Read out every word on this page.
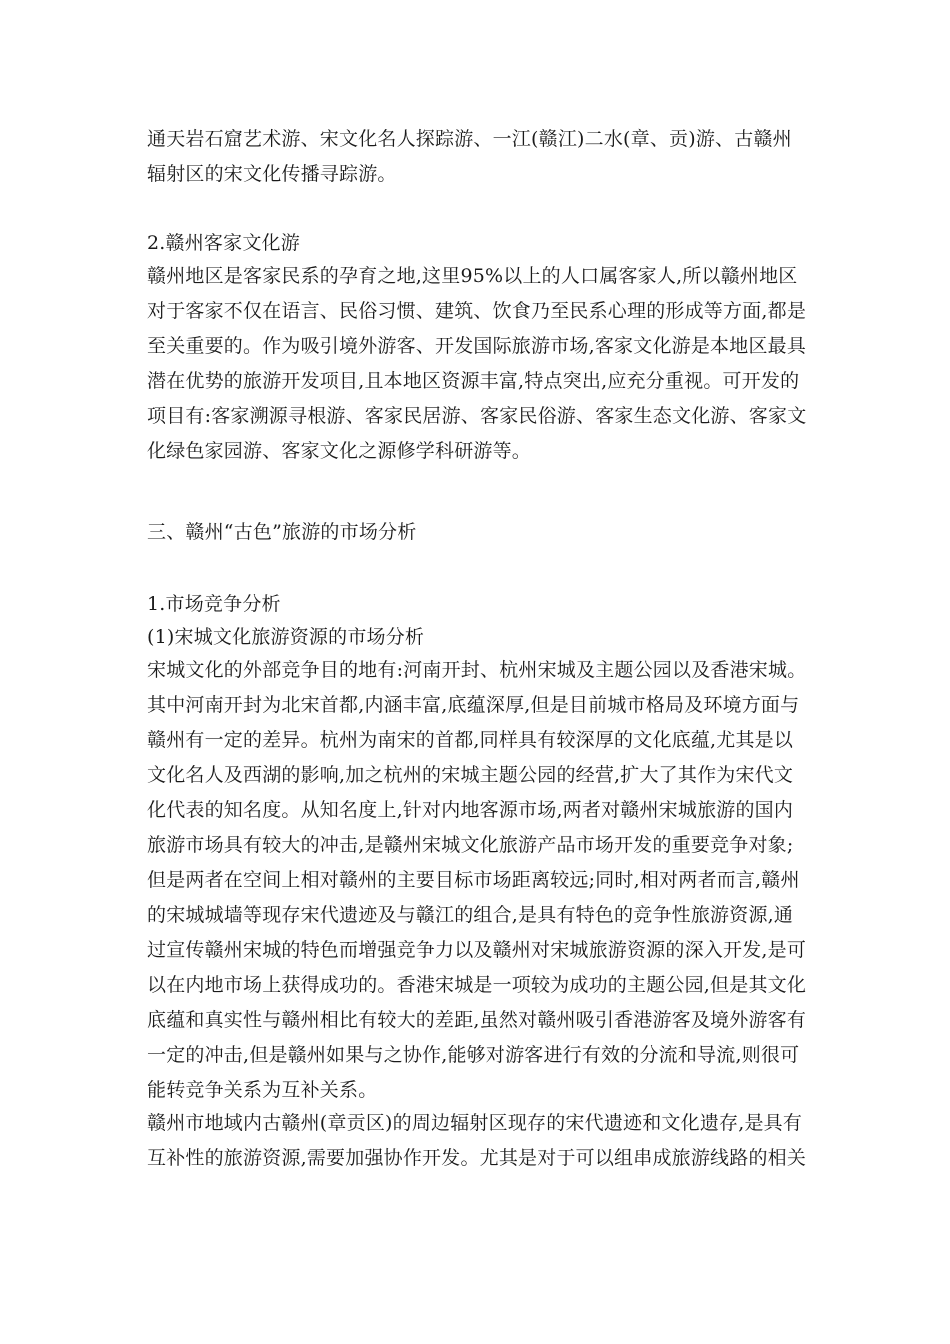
通天岩石窟艺术游、宋文化名人探踪游、一江(赣江)二水(章、贡)游、古赣州
辐射区的宋文化传播寻踪游。
2.赣州客家文化游
赣州地区是客家民系的孕育之地,这里95%以上的人口属客家人,所以赣州地区
对于客家不仅在语言、民俗习惯、建筑、饮食乃至民系心理的形成等方面,都是
至关重要的。作为吸引境外游客、开发国际旅游市场,客家文化游是本地区最具
潜在优势的旅游开发项目,且本地区资源丰富,特点突出,应充分重视。可开发的
项目有:客家溯源寻根游、客家民居游、客家民俗游、客家生态文化游、客家文
化绿色家园游、客家文化之源修学科研游等。
三、赣州“古色”旅游的市场分析
1.市场竞争分析
(1)宋城文化旅游资源的市场分析
宋城文化的外部竞争目的地有:河南开封、杭州宋城及主题公园以及香港宋城。
其中河南开封为北宋首都,内涵丰富,底蕴深厚,但是目前城市格局及环境方面与
赣州有一定的差异。杭州为南宋的首都,同样具有较深厚的文化底蕴,尤其是以
文化名人及西湖的影响,加之杭州的宋城主题公园的经营,扩大了其作为宋代文
化代表的知名度。从知名度上,针对内地客源市场,两者对赣州宋城旅游的国内
旅游市场具有较大的冲击,是赣州宋城文化旅游产品市场开发的重要竞争对象;
但是两者在空间上相对赣州的主要目标市场距离较远;同时,相对两者而言,赣州
的宋城城墙等现存宋代遗迹及与赣江的组合,是具有特色的竞争性旅游资源,通
过宣传赣州宋城的特色而增强竞争力以及赣州对宋城旅游资源的深入开发,是可
以在内地市场上获得成功的。香港宋城是一项较为成功的主题公园,但是其文化
底蕴和真实性与赣州相比有较大的差距,虽然对赣州吸引香港游客及境外游客有
一定的冲击,但是赣州如果与之协作,能够对游客进行有效的分流和导流,则很可
能转竞争关系为互补关系。
赣州市地域内古赣州(章贡区)的周边辐射区现存的宋代遗迹和文化遗存,是具有
互补性的旅游资源,需要加强协作开发。尤其是对于可以组串成旅游线路的相关
